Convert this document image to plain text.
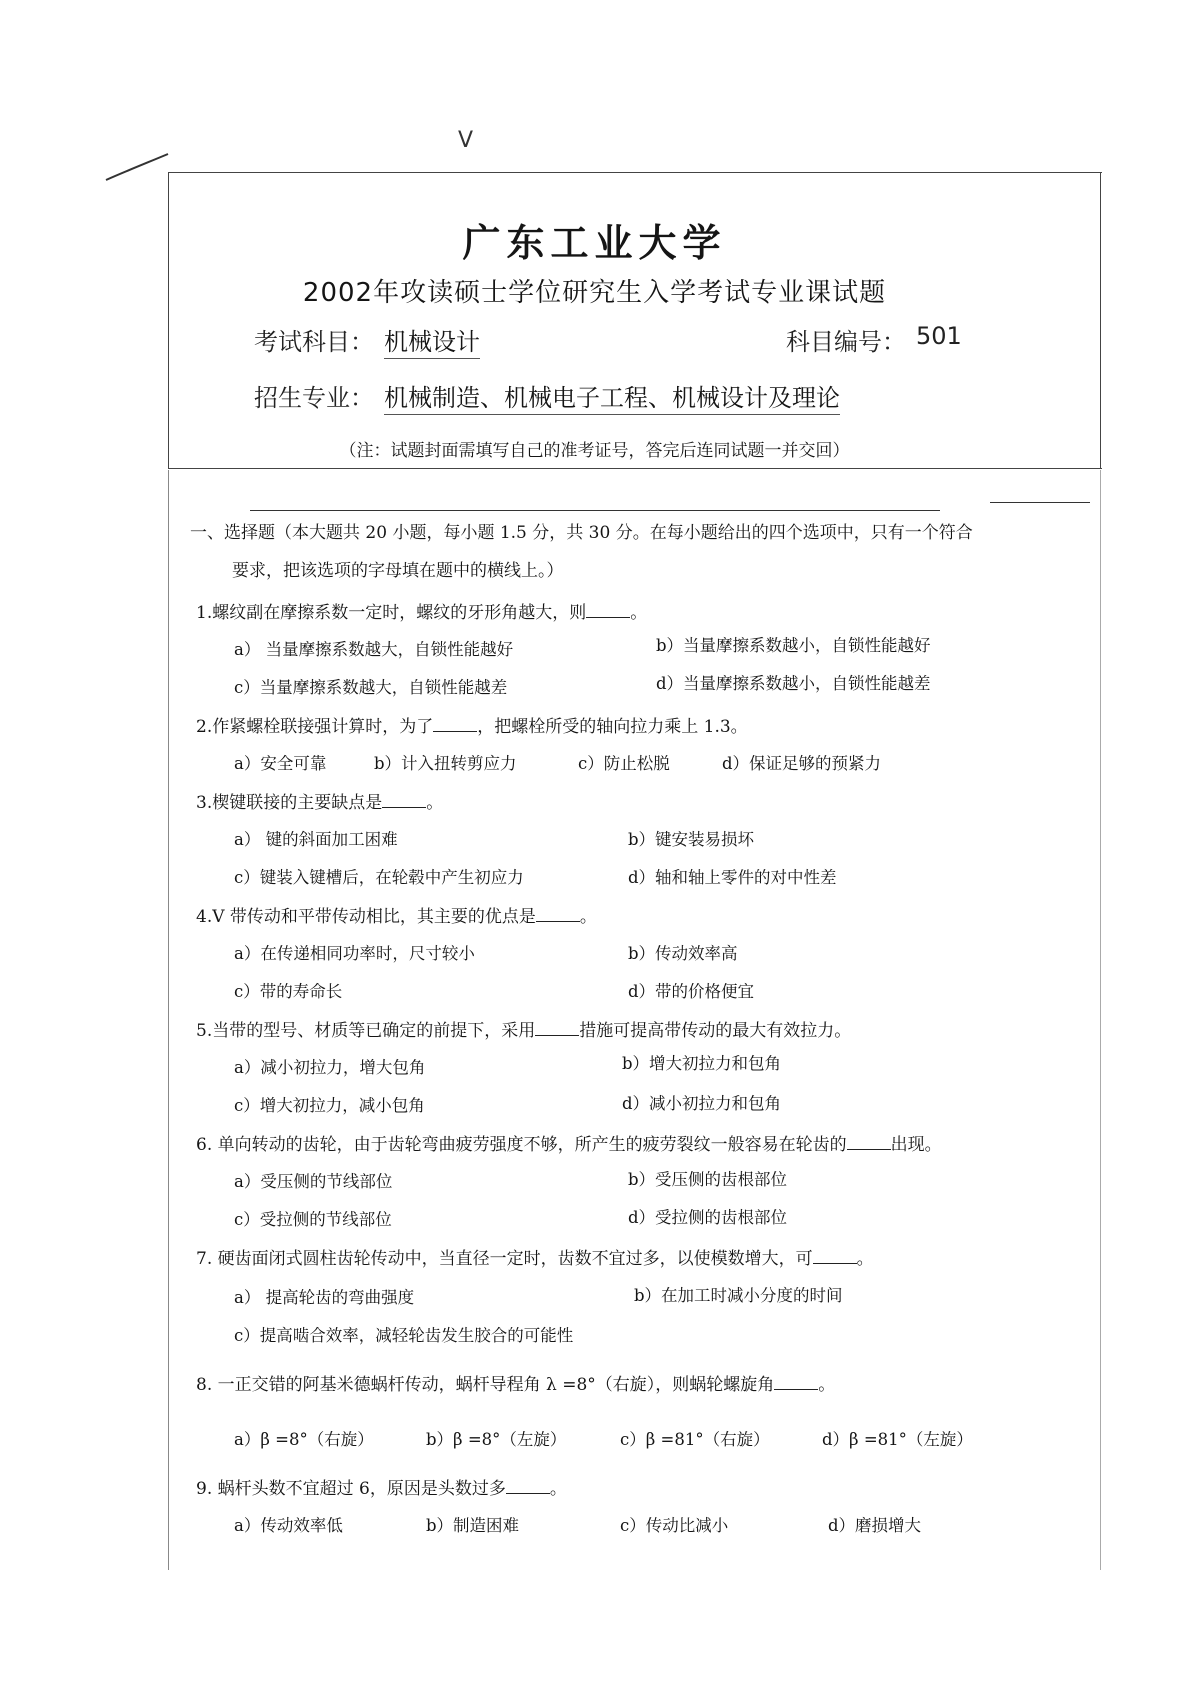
V
广东工业大学
2002年攻读硕士学位研究生入学考试专业课试题
考试科目： 机械设计	科目编号： 501
招生专业： 机械制造、机械电子工程、机械设计及理论
（注：试题封面需填写自己的准考证号，答完后连同试题一并交回）
一、选择题（本大题共 20 小题，每小题 1.5 分，共 30 分。在每小题给出的四个选项中，只有一个符合
要求，把该选项的字母填在题中的横线上。）
1.螺纹副在摩擦系数一定时，螺纹的牙形角越大，则	。
a） 当量摩擦系数越大，自锁性能越好	b）当量摩擦系数越小，自锁性能越好
c）当量摩擦系数越大，自锁性能越差	d）当量摩擦系数越小，自锁性能越差
2.作紧螺栓联接强计算时，为了	，把螺栓所受的轴向拉力乘上 1.3。
a）安全可靠	b）计入扭转剪应力	c）防止松脱	d）保证足够的预紧力
3.楔键联接的主要缺点是	。
a） 键的斜面加工困难	b）键安装易损坏
c）键装入键槽后，在轮毂中产生初应力	d）轴和轴上零件的对中性差
4.V 带传动和平带传动相比，其主要的优点是	。
a）在传递相同功率时，尺寸较小	b）传动效率高
c）带的寿命长	d）带的价格便宜
5.当带的型号、材质等已确定的前提下，采用	措施可提高带传动的最大有效拉力。
a）减小初拉力，增大包角	b）增大初拉力和包角
c）增大初拉力，减小包角	d）减小初拉力和包角
6. 单向转动的齿轮，由于齿轮弯曲疲劳强度不够，所产生的疲劳裂纹一般容易在轮齿的	出现。
a）受压侧的节线部位	b）受压侧的齿根部位
c）受拉侧的节线部位	d）受拉侧的齿根部位
7. 硬齿面闭式圆柱齿轮传动中，当直径一定时，齿数不宜过多，以使模数增大，可	。
a） 提高轮齿的弯曲强度	b）在加工时减小分度的时间
c）提高啮合效率，减轻轮齿发生胶合的可能性
8. 一正交错的阿基米德蜗杆传动，蜗杆导程角 λ =8°（右旋），则蜗轮螺旋角	。
a）β =8°（右旋）	b）β =8°（左旋）	c）β =81°（右旋）	d）β =81°（左旋）
9. 蜗杆头数不宜超过 6，原因是头数过多	。
a）传动效率低	b）制造困难	c）传动比减小	d）磨损增大
